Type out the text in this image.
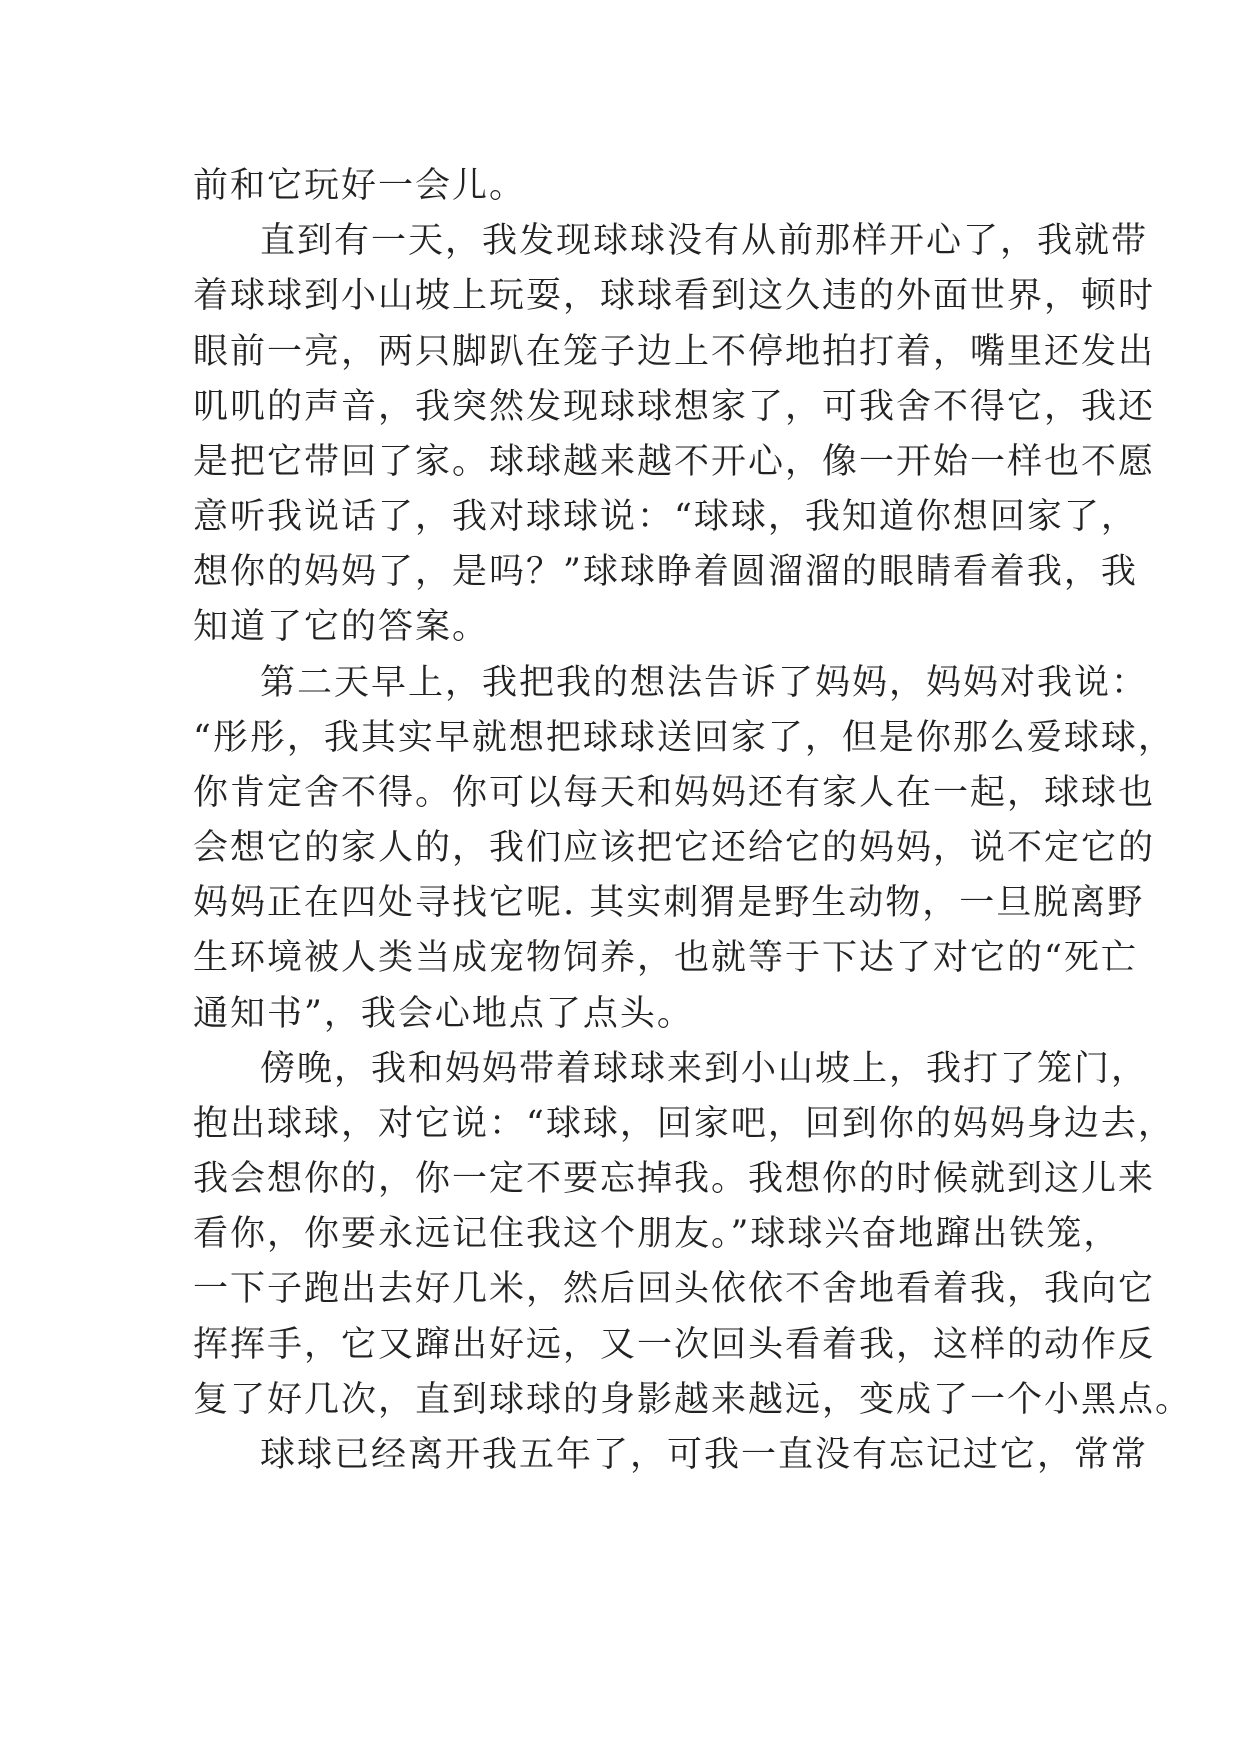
前和它玩好一会儿。
直到有一天，我发现球球没有从前那样开心了，我就带
着球球到小山坡上玩耍，球球看到这久违的外面世界，顿时
眼前一亮，两只脚趴在笼子边上不停地拍打着，嘴里还发出
叽叽的声音，我突然发现球球想家了，可我舍不得它，我还
是把它带回了家。球球越来越不开心，像一开始一样也不愿
意听我说话了，我对球球说：“球球，我知道你想回家了，
想你的妈妈了，是吗？”球球睁着圆溜溜的眼睛看着我，我
知道了它的答案。
第二天早上，我把我的想法告诉了妈妈，妈妈对我说：
“彤彤，我其实早就想把球球送回家了，但是你那么爱球球，
你肯定舍不得。你可以每天和妈妈还有家人在一起，球球也
会想它的家人的，我们应该把它还给它的妈妈，说不定它的
妈妈正在四处寻找它呢. 其实刺猬是野生动物，一旦脱离野
生环境被人类当成宠物饲养，也就等于下达了对它的“死亡
通知书”，我会心地点了点头。
傍晚，我和妈妈带着球球来到小山坡上，我打了笼门，
抱出球球，对它说：“球球，回家吧，回到你的妈妈身边去，
我会想你的，你一定不要忘掉我。我想你的时候就到这儿来
看你，你要永远记住我这个朋友。”球球兴奋地蹿出铁笼，
一下子跑出去好几米，然后回头依依不舍地看着我，我向它
挥挥手，它又蹿出好远，又一次回头看着我，这样的动作反
复了好几次，直到球球的身影越来越远，变成了一个小黑点。
球球已经离开我五年了，可我一直没有忘记过它，常常
